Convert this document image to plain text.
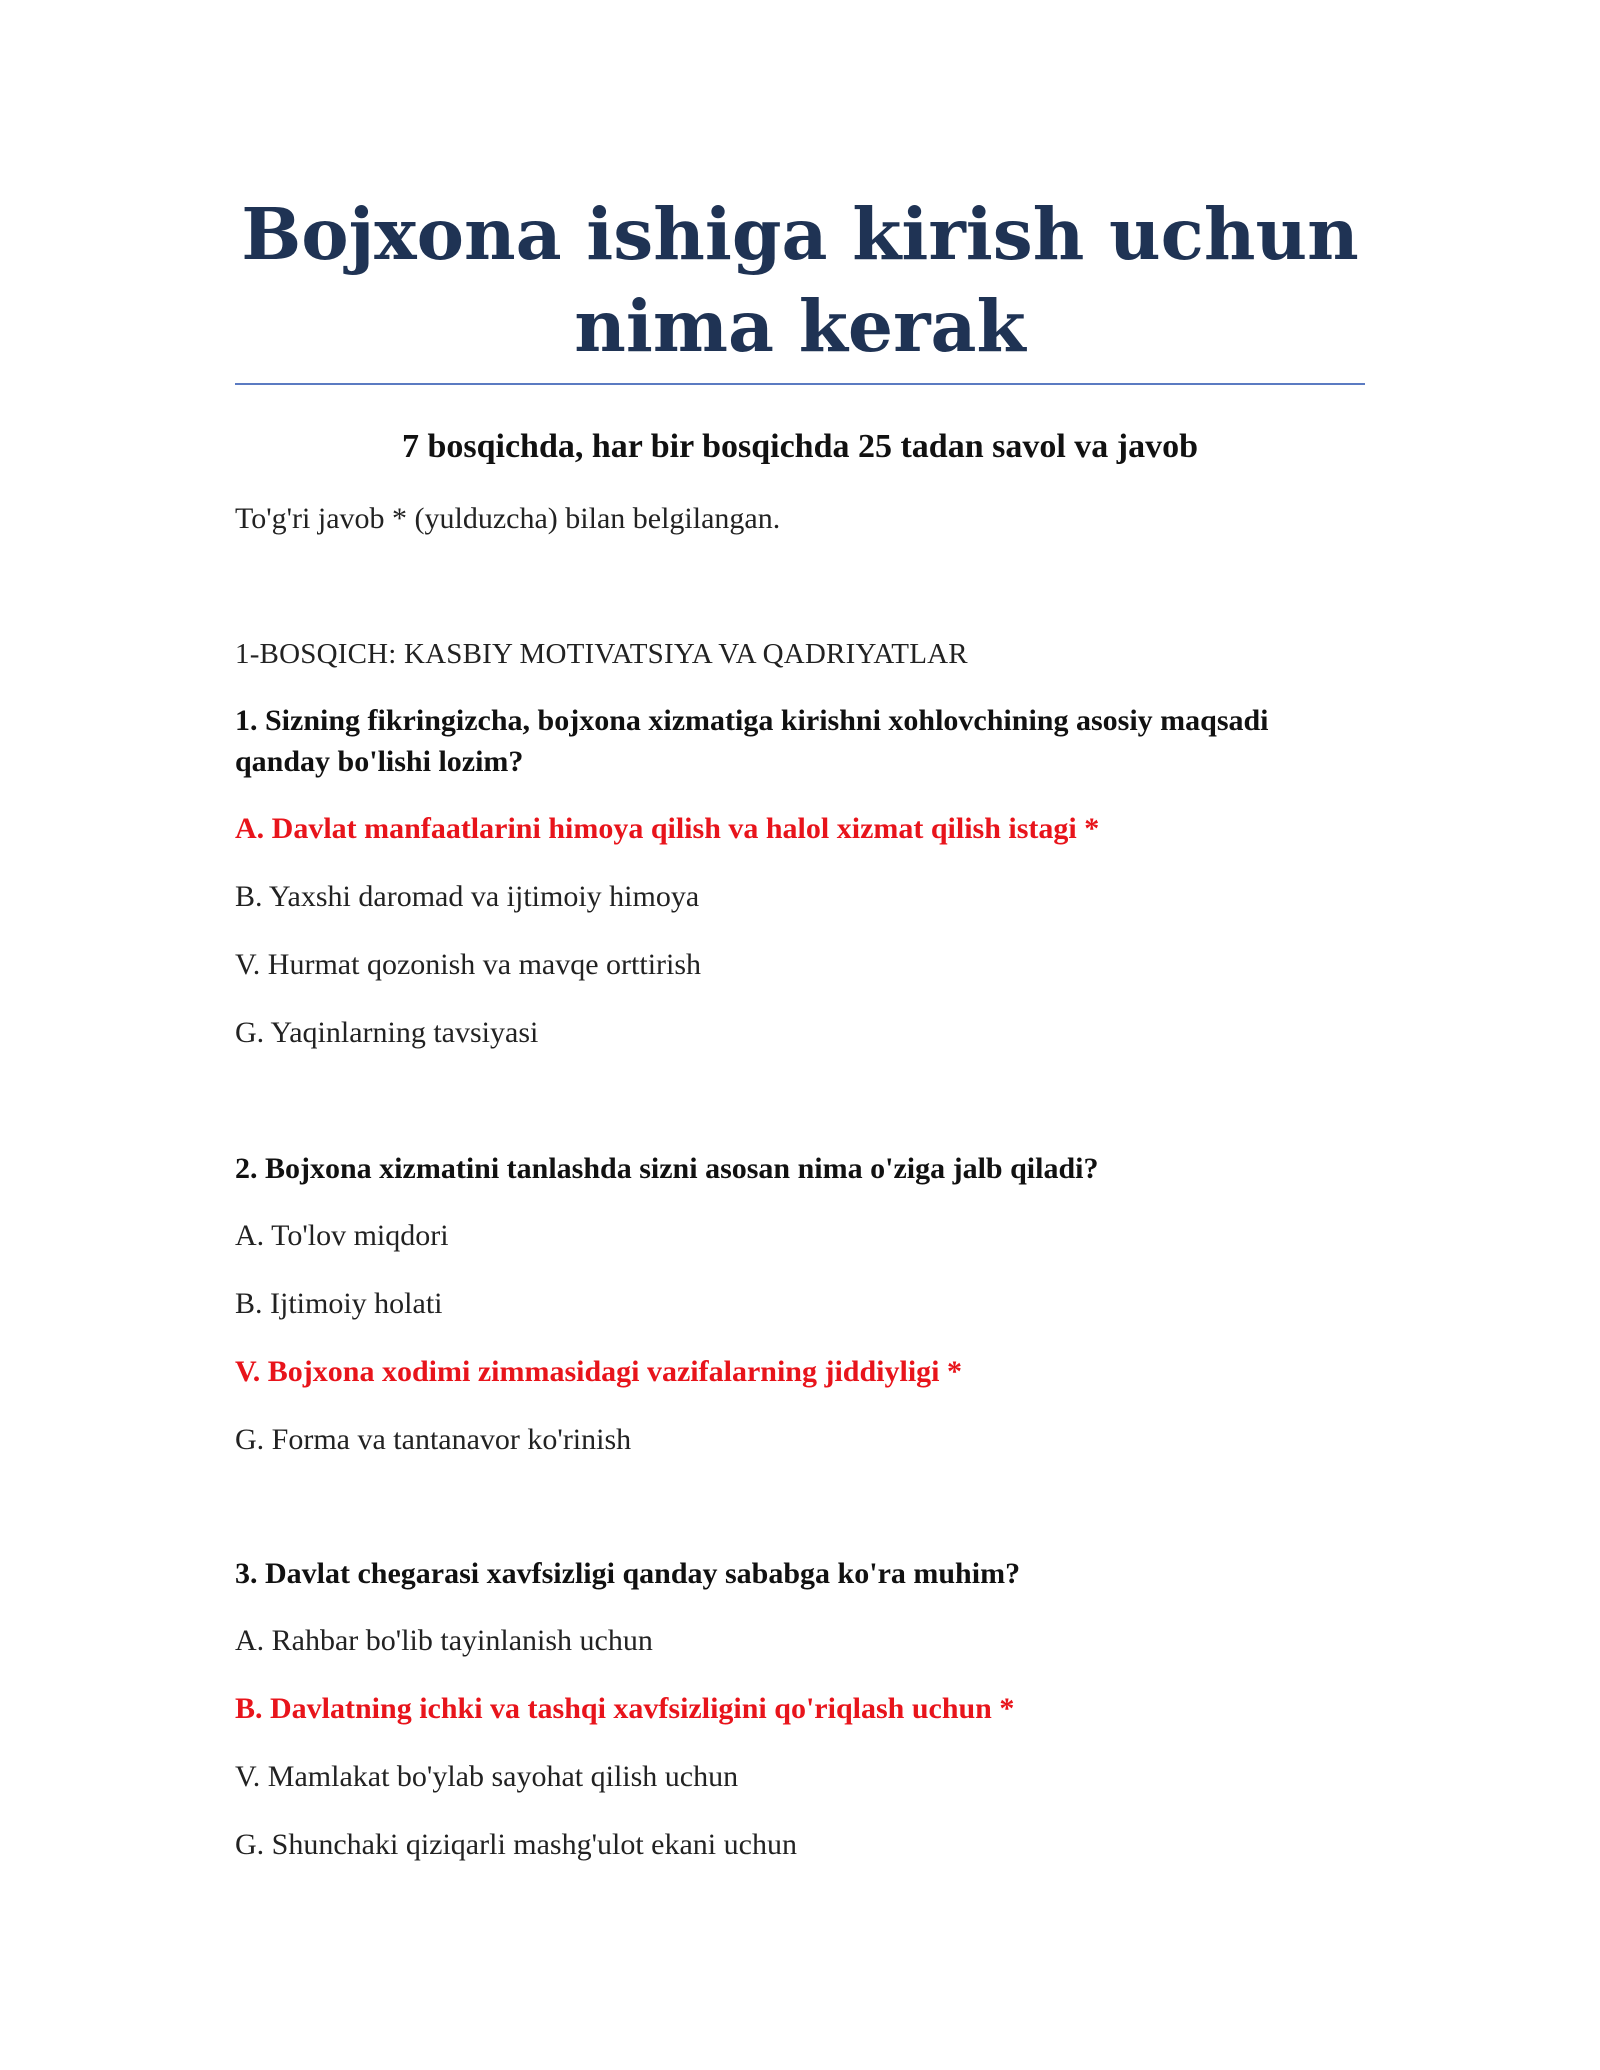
Bojxona ishiga kirish uchun nima kerak
7 bosqichda, har bir bosqichda 25 tadan savol va javob
To'g'ri javob * (yulduzcha) bilan belgilangan.
1-BOSQICH: KASBIY MOTIVATSIYA VA QADRIYATLAR
1. Sizning fikringizcha, bojxona xizmatiga kirishni xohlovchining asosiy maqsadi qanday bo'lishi lozim?
A. Davlat manfaatlarini himoya qilish va halol xizmat qilish istagi *
B. Yaxshi daromad va ijtimoiy himoya
V. Hurmat qozonish va mavqe orttirish
G. Yaqinlarning tavsiyasi
2. Bojxona xizmatini tanlashda sizni asosan nima o'ziga jalb qiladi?
A. To'lov miqdori
B. Ijtimoiy holati
V. Bojxona xodimi zimmasidagi vazifalarning jiddiyligi *
G. Forma va tantanavor ko'rinish
3. Davlat chegarasi xavfsizligi qanday sababga ko'ra muhim?
A. Rahbar bo'lib tayinlanish uchun
B. Davlatning ichki va tashqi xavfsizligini qo'riqlash uchun *
V. Mamlakat bo'ylab sayohat qilish uchun
G. Shunchaki qiziqarli mashg'ulot ekani uchun
